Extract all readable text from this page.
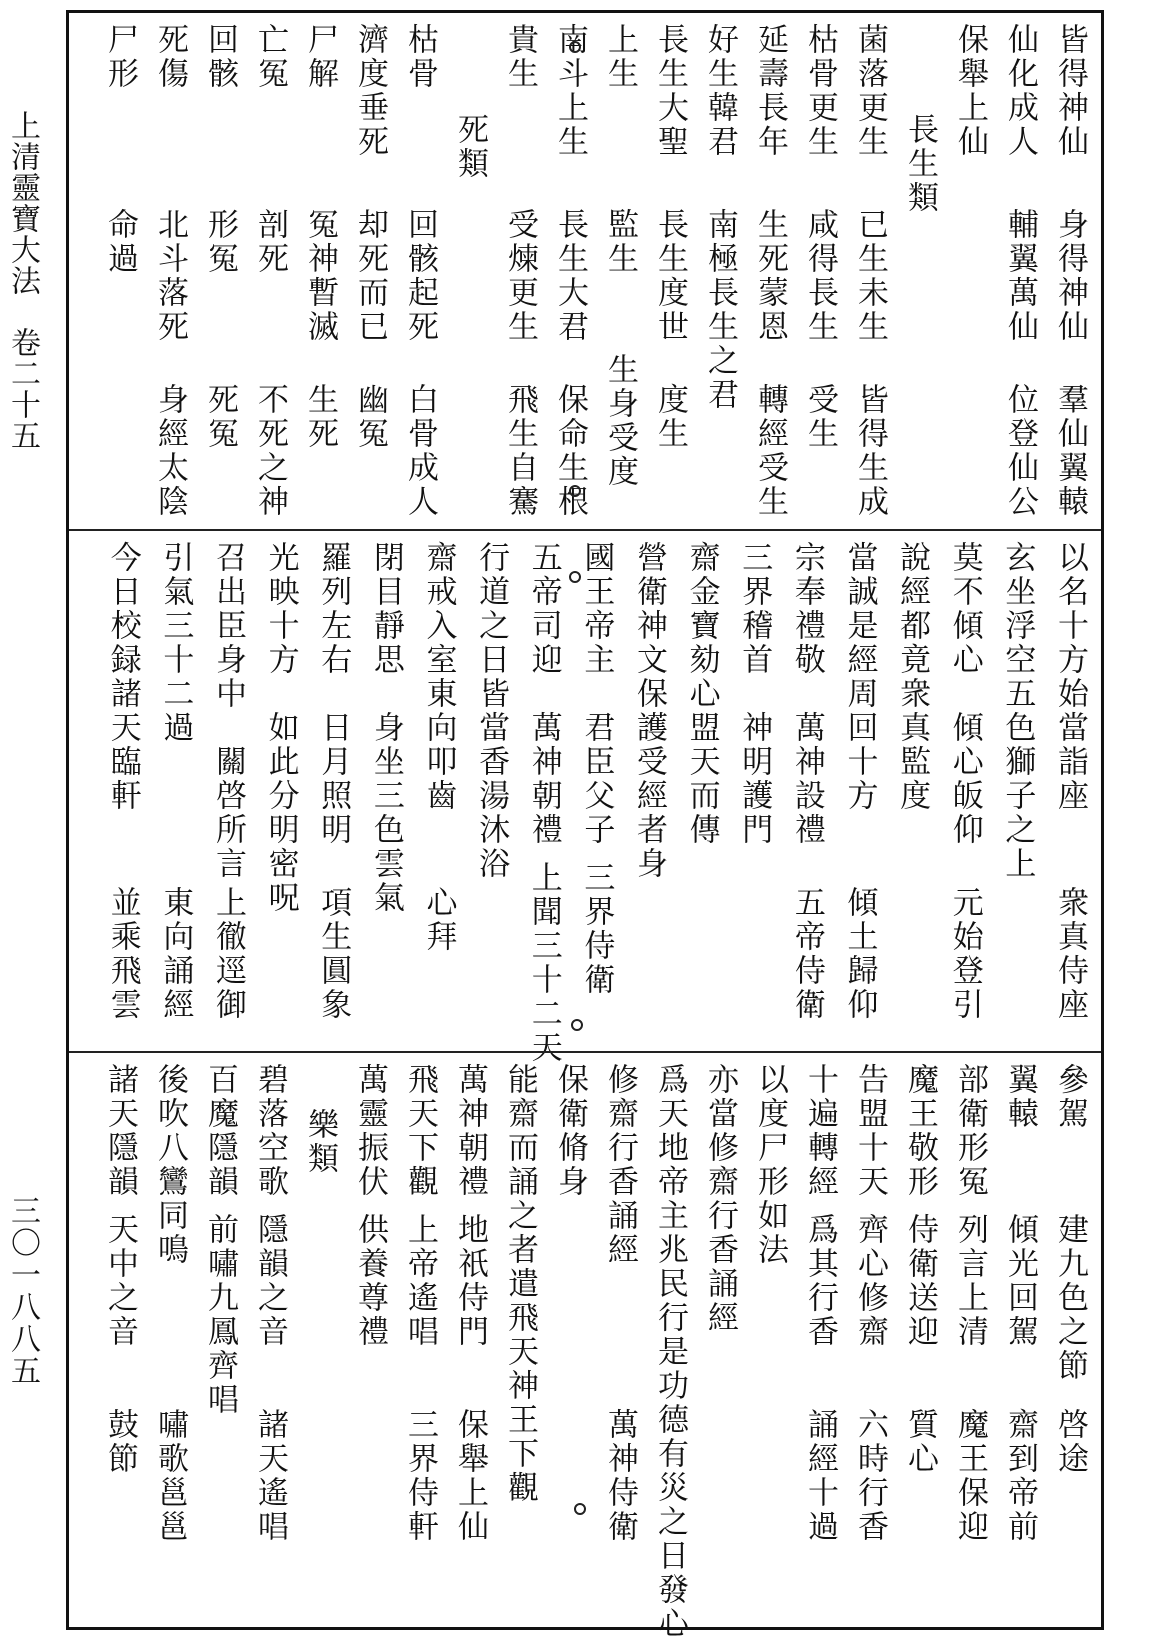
上清靈寶大法　卷二十五
三〇一八八五
皆得神仙
身得神仙
羣仙翼轅
仙化成人
輔翼萬仙
位登仙公
保舉上仙
長生類
菌落更生
已生未生
皆得生成
枯骨更生
咸得長生
受生
延壽長年
生死蒙恩
轉經受生
好生韓君
南極長生之君
長生大聖
長生度世
度生
上生
監生
生身受度
南斗上生
長生大君
保命生根
貴生
受煉更生
飛生自騫
死類
枯骨
回骸起死
白骨成人
濟度垂死
却死而已
幽冤
尸解
冤神暫滅
生死
亡冤
剖死
不死之神
回骸
形冤
死冤
死傷
北斗落死
身經太陰
尸形
命過
以名十方始當詣座
衆真侍座
玄坐浮空五色獅子之上
莫不傾心　傾心皈仰
元始登引
說經都竟衆真監度
當誠是經周回十方
傾土歸仰
宗奉禮敬　萬神設禮
五帝侍衛
三界稽首　神明護門
齋金寶劾心盟天而傳
營衛神文保護受經者身
國王帝主　君臣父子
三界侍衛
五帝司迎　萬神朝禮
上聞三十二天
行道之日皆當香湯沐浴
齋戒入室東向叩齒
心拜
閉目靜思　身坐三色雲氣
羅列左右　日月照明
項生圓象
光映十方　如此分明密呪
召出臣身中　關啓所言
上徹逕御
引氣三十二過
東向誦經
今日校録諸天臨軒
並乘飛雲
參駕
建九色之節
啓途
翼轅
傾光回駕
齋到帝前
部衛形冤
列言上清
魔王保迎
魔王敬形
侍衛送迎
質心
告盟十天
齊心修齋
六時行香
十遍轉經
爲其行香
誦經十過
以度尸形如法
亦當修齋行香誦經
爲天地帝主兆民行是功德有災之日發心
修齋行香誦經
萬神侍衛
保衛脩身
能齋而誦之者遣飛天神王下觀
萬神朝禮
地祇侍門
保舉上仙
飛天下觀
上帝遙唱
三界侍軒
萬靈振伏
供養尊禮
樂類
碧落空歌
隱韻之音
諸天遙唱
百魔隱韻
前嘯九鳳齊唱
後吹八鸞同鳴
嘯歌邕邕
諸天隱韻
天中之音
鼓節
